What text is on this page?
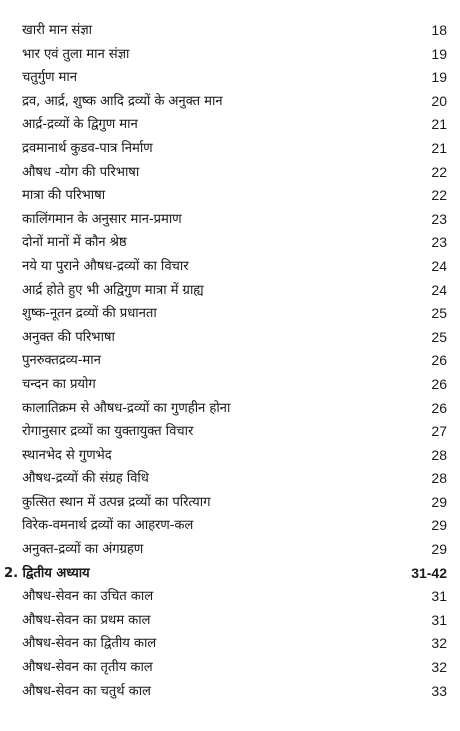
खारी मान संज्ञा	18
भार एवं तुला मान संज्ञा	19
चतुर्गुण मान	19
द्रव, आर्द्र, शुष्क आदि द्रव्यों के अनुक्त मान	20
आर्द्र-द्रव्यों के द्विगुण मान	21
द्रवमानार्थ कुडव-पात्र निर्माण	21
औषध -योग की परिभाषा	22
मात्रा की परिभाषा	22
कालिंगमान के अनुसार मान-प्रमाण	23
दोनों मानों में कौन श्रेष्ठ	23
नये या पुराने औषध-द्रव्यों का विचार	24
आर्द्र होते हुए भी अद्विगुण मात्रा में ग्राह्य	24
शुष्क-नूतन द्रव्यों की प्रधानता	25
अनुक्त की परिभाषा	25
पुनरुक्तद्रव्य-मान	26
चन्दन का प्रयोग	26
कालातिक्रम से औषध-द्रव्यों का गुणहीन होना	26
रोगानुसार द्रव्यों का युक्तायुक्त विचार	27
स्थानभेद से गुणभेद	28
औषध-द्रव्यों की संग्रह विधि	28
कुत्सित स्थान में उत्पन्न द्रव्यों का परित्याग	29
विरेक-वमनार्थ द्रव्यों का आहरण-कल	29
अनुक्त-द्रव्यों का अंगग्रहण	29
2. द्वितीय अध्याय	31-42
औषध-सेवन का उचित काल	31
औषध-सेवन का प्रथम काल	31
औषध-सेवन का द्वितीय काल	32
औषध-सेवन का तृतीय काल	32
औषध-सेवन का चतुर्थ काल	33
